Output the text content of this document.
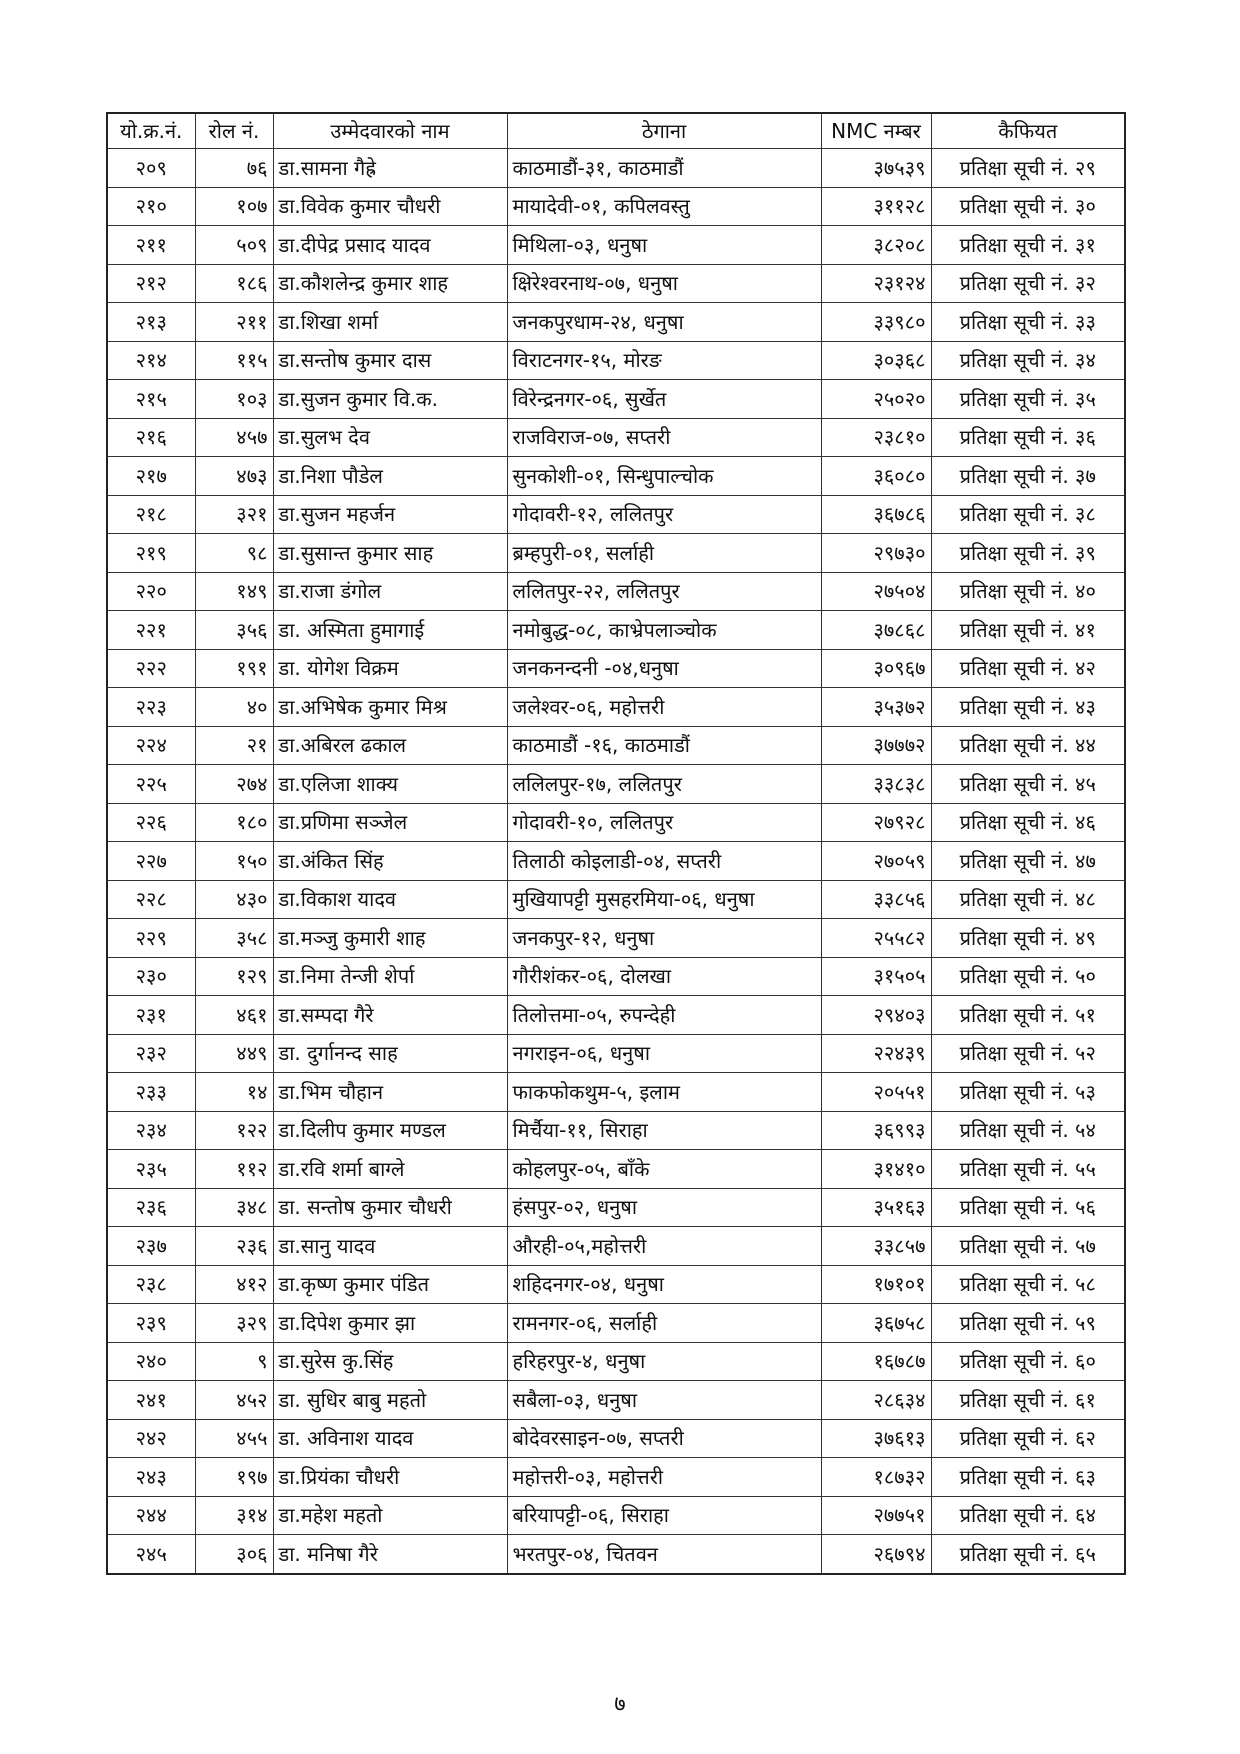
यो.क्र.नं.	रोल नं.	उम्मेदवारको नाम	ठेगाना	NMC नम्बर	कैफियत
२०९	७६	डा.सामना गैह्रे	काठमाडौं-३१, काठमाडौं	३७५३९	प्रतिक्षा सूची नं. २९
२१०	१०७	डा.विवेक कुमार चौधरी	मायादेवी-०१, कपिलवस्तु	३११२८	प्रतिक्षा सूची नं. ३०
२११	५०९	डा.दीपेद्र प्रसाद यादव	मिथिला-०३, धनुषा	३८२०८	प्रतिक्षा सूची नं. ३१
२१२	१८६	डा.कौशलेन्द्र कुमार शाह	क्षिरेश्वरनाथ-०७, धनुषा	२३१२४	प्रतिक्षा सूची नं. ३२
२१३	२११	डा.शिखा शर्मा	जनकपुरधाम-२४, धनुषा	३३९८०	प्रतिक्षा सूची नं. ३३
२१४	११५	डा.सन्तोष कुमार दास	विराटनगर-१५, मोरङ	३०३६८	प्रतिक्षा सूची नं. ३४
२१५	१०३	डा.सुजन कुमार वि.क.	विरेन्द्रनगर-०६, सुर्खेत	२५०२०	प्रतिक्षा सूची नं. ३५
२१६	४५७	डा.सुलभ देव	राजविराज-०७, सप्तरी	२३८१०	प्रतिक्षा सूची नं. ३६
२१७	४७३	डा.निशा पौडेल	सुनकोशी-०१, सिन्धुपाल्चोक	३६०८०	प्रतिक्षा सूची नं. ३७
२१८	३२१	डा.सुजन महर्जन	गोदावरी-१२, ललितपुर	३६७८६	प्रतिक्षा सूची नं. ३८
२१९	९८	डा.सुसान्त कुमार साह	ब्रम्हपुरी-०१, सर्लाही	२९७३०	प्रतिक्षा सूची नं. ३९
२२०	१४९	डा.राजा डंगोल	ललितपुर-२२, ललितपुर	२७५०४	प्रतिक्षा सूची नं. ४०
२२१	३५६	डा. अस्मिता हुमागाई	नमोबुद्ध-०८, काभ्रेपलाञ्चोक	३७८६८	प्रतिक्षा सूची नं. ४१
२२२	१९१	डा. योगेश विक्रम	जनकनन्दनी -०४,धनुषा	३०९६७	प्रतिक्षा सूची नं. ४२
२२३	४०	डा.अभिषेक कुमार मिश्र	जलेश्वर-०६, महोत्तरी	३५३७२	प्रतिक्षा सूची नं. ४३
२२४	२१	डा.अबिरल ढकाल	काठमाडौं -१६, काठमाडौं	३७७७२	प्रतिक्षा सूची नं. ४४
२२५	२७४	डा.एलिजा शाक्य	ललिलपुर-१७, ललितपुर	३३८३८	प्रतिक्षा सूची नं. ४५
२२६	१८०	डा.प्रणिमा सञ्जेल	गोदावरी-१०, ललितपुर	२७९२८	प्रतिक्षा सूची नं. ४६
२२७	१५०	डा.अंकित सिंह	तिलाठी कोइलाडी-०४, सप्तरी	२७०५९	प्रतिक्षा सूची नं. ४७
२२८	४३०	डा.विकाश यादव	मुखियापट्टी मुसहरमिया-०६, धनुषा	३३८५६	प्रतिक्षा सूची नं. ४८
२२९	३५८	डा.मञ्जु कुमारी शाह	जनकपुर-१२, धनुषा	२५५८२	प्रतिक्षा सूची नं. ४९
२३०	१२९	डा.निमा तेन्जी शेर्पा	गौरीशंकर-०६, दोलखा	३१५०५	प्रतिक्षा सूची नं. ५०
२३१	४६१	डा.सम्पदा गैरे	तिलोत्तमा-०५, रुपन्देही	२९४०३	प्रतिक्षा सूची नं. ५१
२३२	४४९	डा. दुर्गानन्द साह	नगराइन-०६, धनुषा	२२४३९	प्रतिक्षा सूची नं. ५२
२३३	१४	डा.भिम चौहान	फाकफोकथुम-५, इलाम	२०५५१	प्रतिक्षा सूची नं. ५३
२३४	१२२	डा.दिलीप कुमार मण्डल	मिर्चैया-११, सिराहा	३६९९३	प्रतिक्षा सूची नं. ५४
२३५	११२	डा.रवि शर्मा बाग्ले	कोहलपुर-०५, बाँके	३१४१०	प्रतिक्षा सूची नं. ५५
२३६	३४८	डा. सन्तोष कुमार चौधरी	हंसपुर-०२, धनुषा	३५१६३	प्रतिक्षा सूची नं. ५६
२३७	२३६	डा.सानु यादव	औरही-०५,महोत्तरी	३३८५७	प्रतिक्षा सूची नं. ५७
२३८	४१२	डा.कृष्ण कुमार पंडित	शहिदनगर-०४, धनुषा	१७१०१	प्रतिक्षा सूची नं. ५८
२३९	३२९	डा.दिपेश कुमार झा	रामनगर-०६, सर्लाही	३६७५८	प्रतिक्षा सूची नं. ५९
२४०	९	डा.सुरेस कु.सिंह	हरिहरपुर-४, धनुषा	१६७८७	प्रतिक्षा सूची नं. ६०
२४१	४५२	डा. सुधिर बाबु महतो	सबैला-०३, धनुषा	२८६३४	प्रतिक्षा सूची नं. ६१
२४२	४५५	डा. अविनाश यादव	बोदेवरसाइन-०७, सप्तरी	३७६१३	प्रतिक्षा सूची नं. ६२
२४३	१९७	डा.प्रियंका चौधरी	महोत्तरी-०३, महोत्तरी	१८७३२	प्रतिक्षा सूची नं. ६३
२४४	३१४	डा.महेश महतो	बरियापट्टी-०६, सिराहा	२७७५१	प्रतिक्षा सूची नं. ६४
२४५	३०६	डा. मनिषा गैरे	भरतपुर-०४, चितवन	२६७९४	प्रतिक्षा सूची नं. ६५
७
